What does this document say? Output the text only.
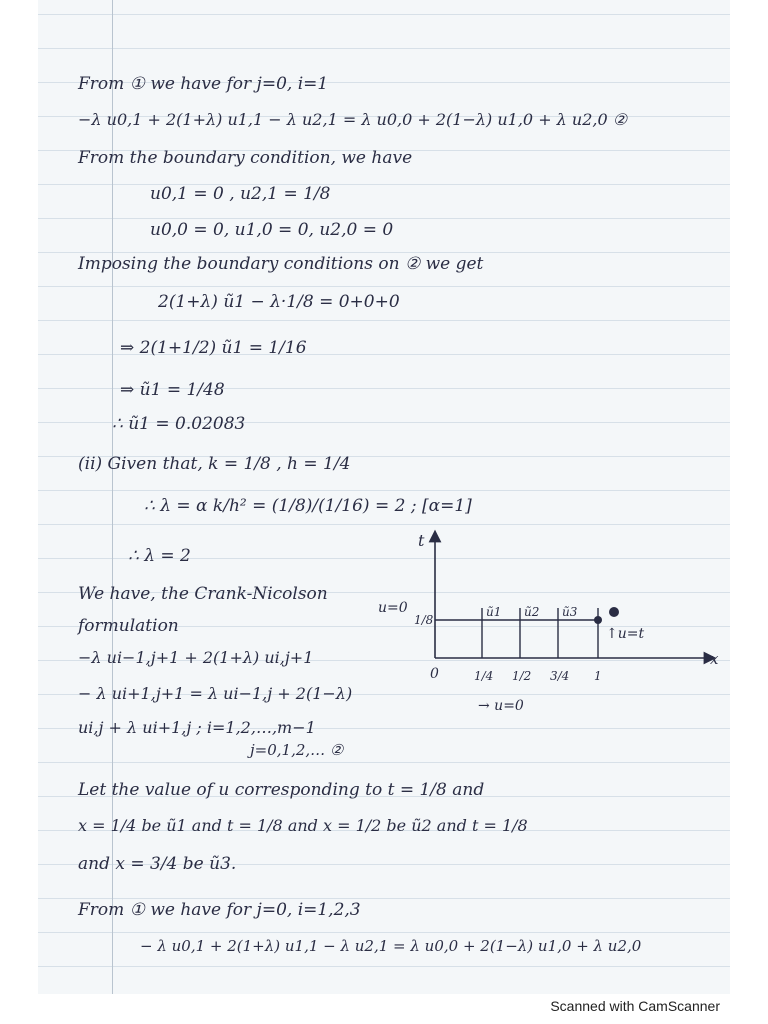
From ① we have for j=0, i=1
−λ u0,1 + 2(1+λ) u1,1 − λ u2,1 = λ u0,0 + 2(1−λ) u1,0 + λ u2,0 ②
From the boundary condition, we have
u0,1 = 0 , u2,1 = 1/8
u0,0 = 0, u1,0 = 0, u2,0 = 0
Imposing the boundary conditions on ② we get
2(1+λ) ũ1 − λ·1/8 = 0+0+0
⇒ 2(1+1/2) ũ1 = 1/16
⇒ ũ1 = 1/48
∴ ũ1 = 0.02083
(ii) Given that, k = 1/8 , h = 1/4
∴ λ = α k/h² = (1/8)/(1/16) = 2 ; [α=1]
∴ λ = 2
We have, the Crank-Nicolson
formulation
−λ ui−1,j+1 + 2(1+λ) ui,j+1
− λ ui+1,j+1 = λ ui−1,j + 2(1−λ)
ui,j + λ ui+1,j ; i=1,2,…,m−1
j=0,1,2,… ②
Let the value of u corresponding to t = 1/8 and
x = 1/4 be ũ1 and t = 1/8 and x = 1/2 be ũ2 and t = 1/8
and x = 3/4 be ũ3.
From ① we have for j=0, i=1,2,3
− λ u0,1 + 2(1+λ) u1,1 − λ u2,1 = λ u0,0 + 2(1−λ) u1,0 + λ u2,0
t
x
u=0
1/8
↑u=t
0	1/4 1/2 3/4 1
ũ1 ũ2 ũ3
→ u=0
Scanned with CamScanner
